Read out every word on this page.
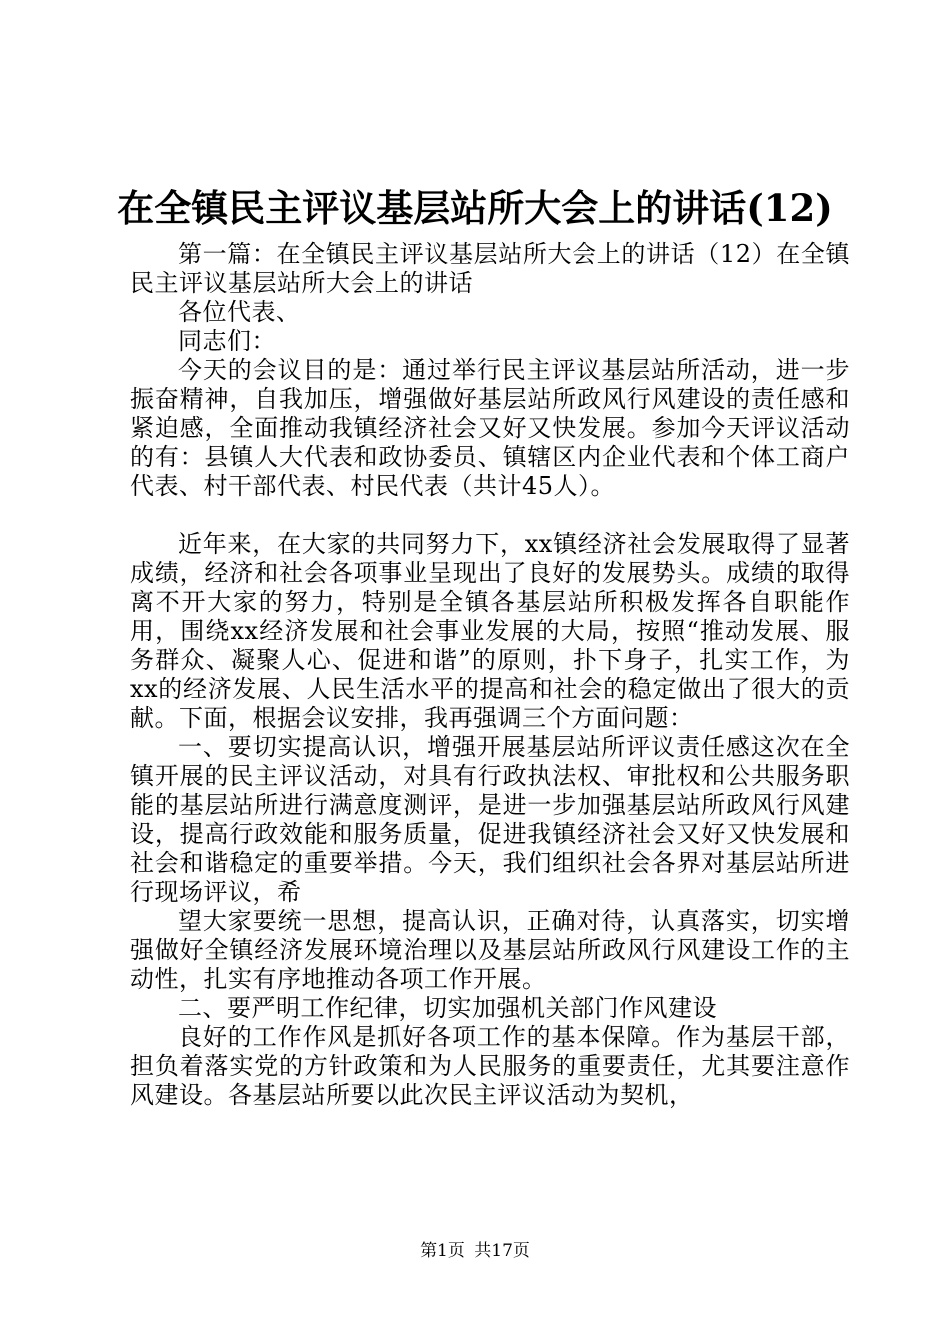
在全镇民主评议基层站所大会上的讲话(12)

第一篇：在全镇民主评议基层站所大会上的讲话（12）在全镇民主评议基层站所大会上的讲话

各位代表、

同志们：

今天的会议目的是：通过举行民主评议基层站所活动，进一步振奋精神，自我加压，增强做好基层站所政风行风建设的责任感和紧迫感，全面推动我镇经济社会又好又快发展。参加今天评议活动的有：县镇人大代表和政协委员、镇辖区内企业代表和个体工商户代表、村干部代表、村民代表（共计45人）。

近年来，在大家的共同努力下，xx镇经济社会发展取得了显著成绩，经济和社会各项事业呈现出了良好的发展势头。成绩的取得离不开大家的努力，特别是全镇各基层站所积极发挥各自职能作用，围绕xx经济发展和社会事业发展的大局，按照“推动发展、服务群众、凝聚人心、促进和谐”的原则，扑下身子，扎实工作，为xx的经济发展、人民生活水平的提高和社会的稳定做出了很大的贡献。下面，根据会议安排，我再强调三个方面问题：

一、要切实提高认识，增强开展基层站所评议责任感这次在全镇开展的民主评议活动，对具有行政执法权、审批权和公共服务职能的基层站所进行满意度测评，是进一步加强基层站所政风行风建设，提高行政效能和服务质量，促进我镇经济社会又好又快发展和社会和谐稳定的重要举措。今天，我们组织社会各界对基层站所进行现场评议，希

望大家要统一思想，提高认识，正确对待，认真落实，切实增强做好全镇经济发展环境治理以及基层站所政风行风建设工作的主动性，扎实有序地推动各项工作开展。

二、要严明工作纪律，切实加强机关部门作风建设

良好的工作作风是抓好各项工作的基本保障。作为基层干部，担负着落实党的方针政策和为人民服务的重要责任，尤其要注意作风建设。各基层站所要以此次民主评议活动为契机，

第1页 共17页
